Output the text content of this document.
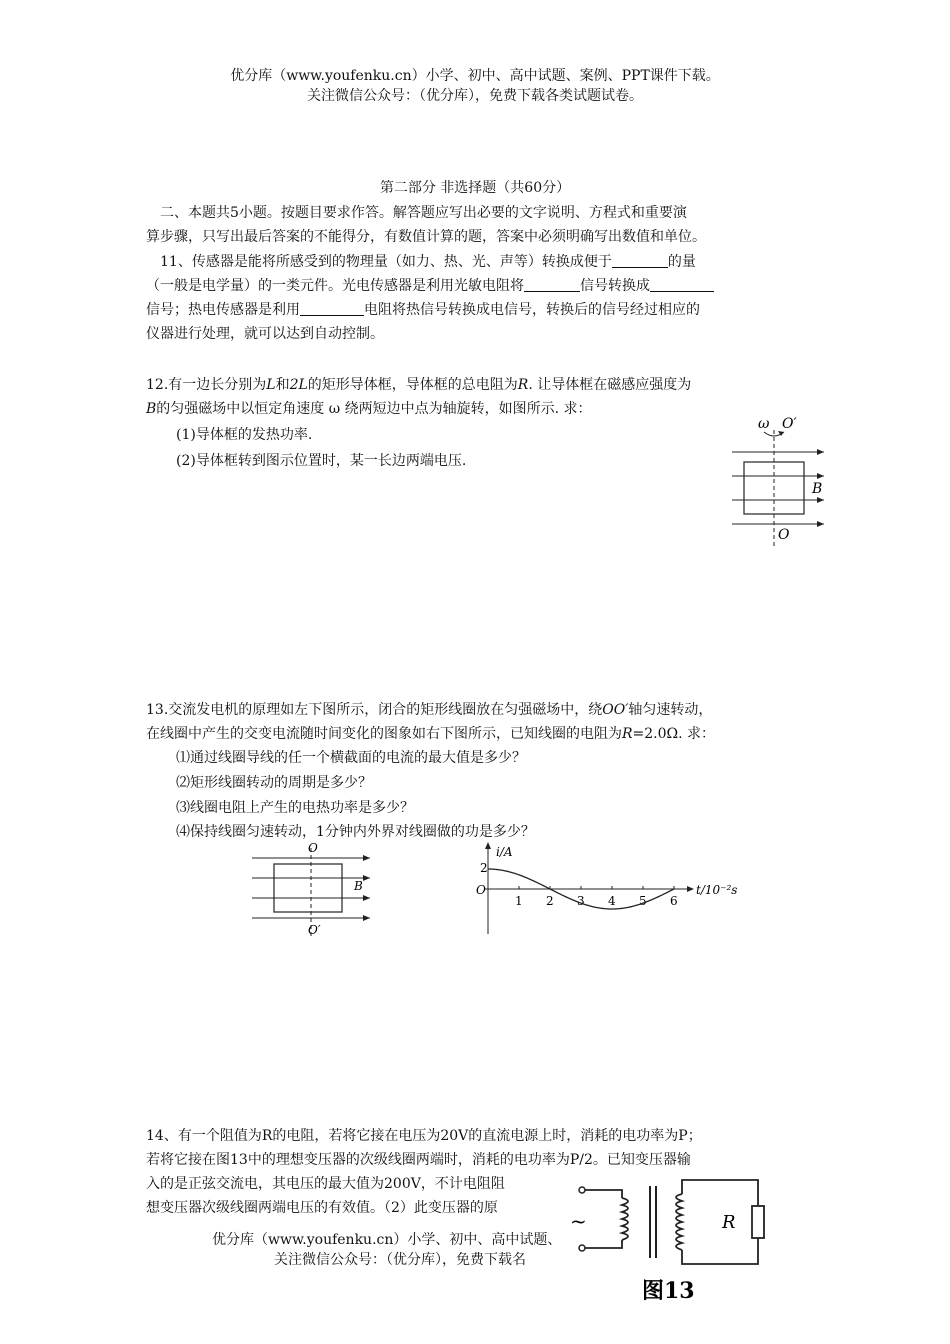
优分库（www.youfenku.cn）小学、初中、高中试题、案例、PPT课件下载。
关注微信公众号：（优分库），免费下载各类试题试卷。
第二部分 非选择题（共60分）
二、本题共5小题。按题目要求作答。解答题应写出必要的文字说明、方程式和重要演
算步骤，只写出最后答案的不能得分，有数值计算的题，答案中必须明确写出数值和单位。
11、传感器是能将所感受到的物理量（如力、热、光、声等）转换成便于	的量
（一般是电学量）的一类元件。光电传感器是利用光敏电阻将	信号转换成
信号；热电传感器是利用	电阻将热信号转换成电信号，转换后的信号经过相应的
仪器进行处理，就可以达到自动控制。
12.有一边长分别为L和2L的矩形导体框，导体框的总电阻为R. 让导体框在磁感应强度为
B的匀强磁场中以恒定角速度 ω 绕两短边中点为轴旋转，如图所示. 求：
(1)导体框的发热功率.
(2)导体框转到图示位置时，某一长边两端电压.
ω O′
B
O
13.交流发电机的原理如左下图所示，闭合的矩形线圈放在匀强磁场中，绕OO′轴匀速转动，
在线圈中产生的交变电流随时间变化的图象如右下图所示，已知线圈的电阻为R=2.0Ω. 求：
⑴通过线圈导线的任一个横截面的电流的最大值是多少？
⑵矩形线圈转动的周期是多少？
⑶线圈电阻上产生的电热功率是多少？
⑷保持线圈匀速转动，1分钟内外界对线圈做的功是多少？
O
B
O′
i/A
t/10⁻²s
O
2
1 2 3 4 5 6
14、有一个阻值为R的电阻，若将它接在电压为20V的直流电源上时，消耗的电功率为P；
若将它接在图13中的理想变压器的次级线圈两端时，消耗的电功率为P/2。已知变压器输
入的是正弦交流电，其电压的最大值为200V，不计电阻阻
想变压器次级线圈两端电压的有效值。（2）此变压器的原
优分库（www.youfenku.cn）小学、初中、高中试题、
关注微信公众号：（优分库），免费下载名
~	R
图13
